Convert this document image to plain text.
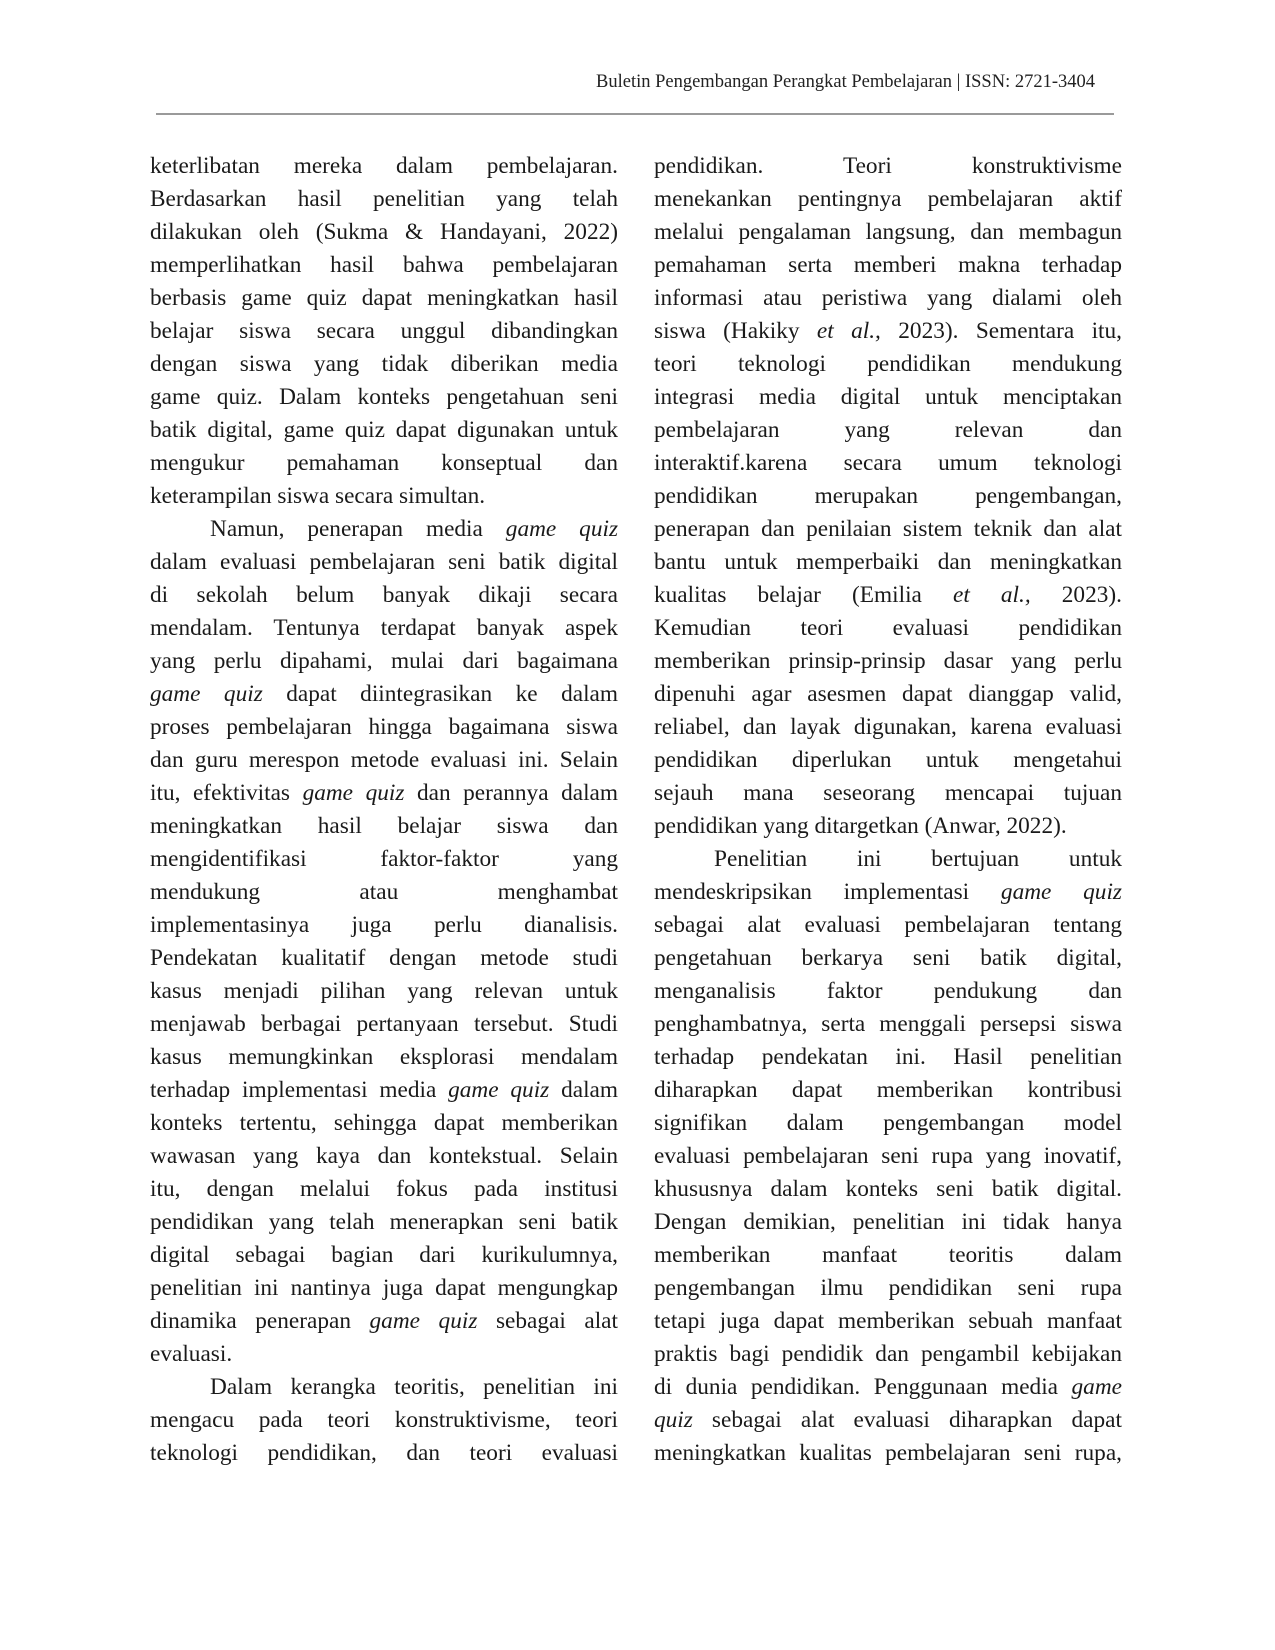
Buletin Pengembangan Perangkat Pembelajaran | ISSN: 2721-3404
keterlibatan mereka dalam pembelajaran.
Berdasarkan hasil penelitian yang telah
dilakukan oleh (Sukma & Handayani, 2022)
memperlihatkan hasil bahwa pembelajaran
berbasis game quiz dapat meningkatkan hasil
belajar siswa secara unggul dibandingkan
dengan siswa yang tidak diberikan media
game quiz. Dalam konteks pengetahuan seni
batik digital, game quiz dapat digunakan untuk
mengukur pemahaman konseptual dan
keterampilan siswa secara simultan.
Namun, penerapan media game quiz
dalam evaluasi pembelajaran seni batik digital
di sekolah belum banyak dikaji secara
mendalam. Tentunya terdapat banyak aspek
yang perlu dipahami, mulai dari bagaimana
game quiz dapat diintegrasikan ke dalam
proses pembelajaran hingga bagaimana siswa
dan guru merespon metode evaluasi ini. Selain
itu, efektivitas game quiz dan perannya dalam
meningkatkan hasil belajar siswa dan
mengidentifikasi faktor-faktor yang
mendukung atau menghambat
implementasinya juga perlu dianalisis.
Pendekatan kualitatif dengan metode studi
kasus menjadi pilihan yang relevan untuk
menjawab berbagai pertanyaan tersebut. Studi
kasus memungkinkan eksplorasi mendalam
terhadap implementasi media game quiz dalam
konteks tertentu, sehingga dapat memberikan
wawasan yang kaya dan kontekstual. Selain
itu, dengan melalui fokus pada institusi
pendidikan yang telah menerapkan seni batik
digital sebagai bagian dari kurikulumnya,
penelitian ini nantinya juga dapat mengungkap
dinamika penerapan game quiz sebagai alat
evaluasi.
Dalam kerangka teoritis, penelitian ini
mengacu pada teori konstruktivisme, teori
teknologi pendidikan, dan teori evaluasi
pendidikan. Teori konstruktivisme
menekankan pentingnya pembelajaran aktif
melalui pengalaman langsung, dan membagun
pemahaman serta memberi makna terhadap
informasi atau peristiwa yang dialami oleh
siswa (Hakiky et al., 2023). Sementara itu,
teori teknologi pendidikan mendukung
integrasi media digital untuk menciptakan
pembelajaran yang relevan dan
interaktif.karena secara umum teknologi
pendidikan merupakan pengembangan,
penerapan dan penilaian sistem teknik dan alat
bantu untuk memperbaiki dan meningkatkan
kualitas belajar (Emilia et al., 2023).
Kemudian teori evaluasi pendidikan
memberikan prinsip-prinsip dasar yang perlu
dipenuhi agar asesmen dapat dianggap valid,
reliabel, dan layak digunakan, karena evaluasi
pendidikan diperlukan untuk mengetahui
sejauh mana seseorang mencapai tujuan
pendidikan yang ditargetkan (Anwar, 2022).
Penelitian ini bertujuan untuk
mendeskripsikan implementasi game quiz
sebagai alat evaluasi pembelajaran tentang
pengetahuan berkarya seni batik digital,
menganalisis faktor pendukung dan
penghambatnya, serta menggali persepsi siswa
terhadap pendekatan ini. Hasil penelitian
diharapkan dapat memberikan kontribusi
signifikan dalam pengembangan model
evaluasi pembelajaran seni rupa yang inovatif,
khususnya dalam konteks seni batik digital.
Dengan demikian, penelitian ini tidak hanya
memberikan manfaat teoritis dalam
pengembangan ilmu pendidikan seni rupa
tetapi juga dapat memberikan sebuah manfaat
praktis bagi pendidik dan pengambil kebijakan
di dunia pendidikan. Penggunaan media game
quiz sebagai alat evaluasi diharapkan dapat
meningkatkan kualitas pembelajaran seni rupa,
